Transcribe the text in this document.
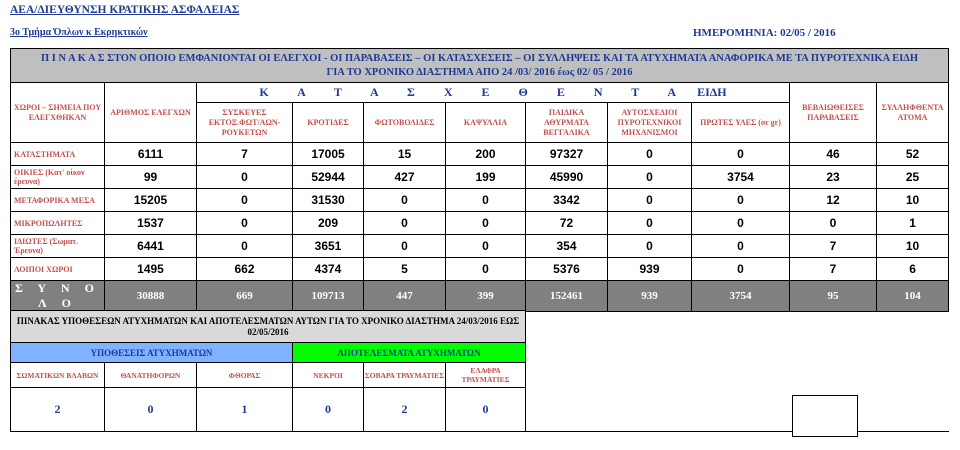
ΑΕΑ/ΔΙΕΥΘΥΝΣΗ ΚΡΑΤΙΚΗΣ ΑΣΦΑΛΕΙΑΣ
3ο Τμήμα Όπλων κ Εκρηκτικών	ΗΜΕΡΟΜΗΝΙΑ: 02/05 / 2016
Π Ι Ν Α Κ Α Σ ΣΤΟΝ ΟΠΟΙΟ ΕΜΦΑΝΙΟΝΤΑΙ ΟΙ ΕΛΕΓΧΟΙ - ΟΙ ΠΑΡΑΒΑΣΕΙΣ – ΟΙ ΚΑΤΑΣΧΕΣΕΙΣ – ΟΙ ΣΥΛΛΗΨΕΙΣ ΚΑΙ ΤΑ ΑΤΥΧΗΜΑΤΑ ΑΝΑΦΟΡΙΚΑ ΜΕ ΤΑ ΠΥΡΟΤΕΧΝΙΚΑ ΕΙΔΗ
ΓΙΑ ΤΟ ΧΡΟΝΙΚΟ ΔΙΑΣΤΗΜΑ ΑΠΟ 24 /03/ 2016 έως 02/ 05 / 2016										

ΧΩΡΟΙ – ΣΗΜΕΙΑ ΠΟΥ ΕΛΕΓΧΘΗΚΑΝ	ΑΡΙΘΜΟΣ ΕΛΕΓΧΩΝ	Κ Α Τ Α Σ Χ Ε Θ Ε Ν Τ Α ΕΙΔΗ							ΒΕΒΑΙΩΘΕΙΣΕΣ ΠΑΡΑΒΑΣΕΙΣ	ΣΥΛΛΗΦΘΕΝΤΑ ΑΤΟΜΑ
		ΣΥΣΚΕΥΕΣ ΕΚΤΟΞ.ΦΩΤ/ΑΩΝ-ΡΟΥΚΕΤΩΝ	ΚΡΟΤΙΔΕΣ	ΦΩΤΟΒΟΛΙΔΕΣ	ΚΑΨΥΛΛΙΑ	ΠΑΙΔΙΚΑ ΑΘΥΡΜΑΤΑ ΒΕΓΓΑΛΙΚΑ	ΑΥΤΟΣΧΕΔΙΟΙ ΠΥΡΟΤΕΧΝΙΚΟΙ ΜΗΧΑΝΙΣΜΟΙ	ΠΡΩΤΕΣ ΥΛΕΣ (σε gr)		
ΚΑΤΑΣΤΗΜΑΤΑ	6111	7	17005	15	200	97327	0	0	46	52
ΟΙΚΙΕΣ (Κατ' οίκον έρευνα)	99	0	52944	427	199	45990	0	3754	23	25
ΜΕΤΑΦΟΡΙΚΑ ΜΕΣΑ	15205	0	31530	0	0	3342	0	0	12	10
ΜΙΚΡΟΠΩΛΗΤΕΣ	1537	0	209	0	0	72	0	0	0	1
ΙΔΙΩΤΕΣ (Σωματ. Έρευνα)	6441	0	3651	0	0	354	0	0	7	10
ΛΟΙΠΟΙ ΧΩΡΟΙ	1495	662	4374	5	0	5376	939	0	7	6
Σ Υ Ν Ο Λ Ο	30888	669	109713	447	399	152461	939	3754	95	104
ΠΙΝΑΚΑΣ ΥΠΟΘΕΣΕΩΝ ΑΤΥΧΗΜΑΤΩΝ ΚΑΙ ΑΠΟΤΕΛΕΣΜΑΤΩΝ ΑΥΤΩΝ ΓΙΑ ΤΟ ΧΡΟΝΙΚΟ ΔΙΑΣΤΗΜΑ 24/03/2016 ΕΩΣ 02/05/2016						
ΥΠΟΘΕΣΕΙΣ ΑΤΥΧΗΜΑΤΩΝ			ΑΠΟΤΕΛΕΣΜΑΤΑ ΑΤΥΧΗΜΑΤΩΝ			
ΣΩΜΑΤΙΚΩΝ ΒΛΑΒΩΝ	ΘΑΝΑΤΗΦΟΡΩΝ	ΦΘΟΡΑΣ	ΝΕΚΡΟΙ	ΣΟΒΑΡΑ ΤΡΑΥΜΑΤΙΕΣ	ΕΛΑΦΡΑ ΤΡΑΥΜΑΤΙΕΣ	
2	0	1	0	2	0	
